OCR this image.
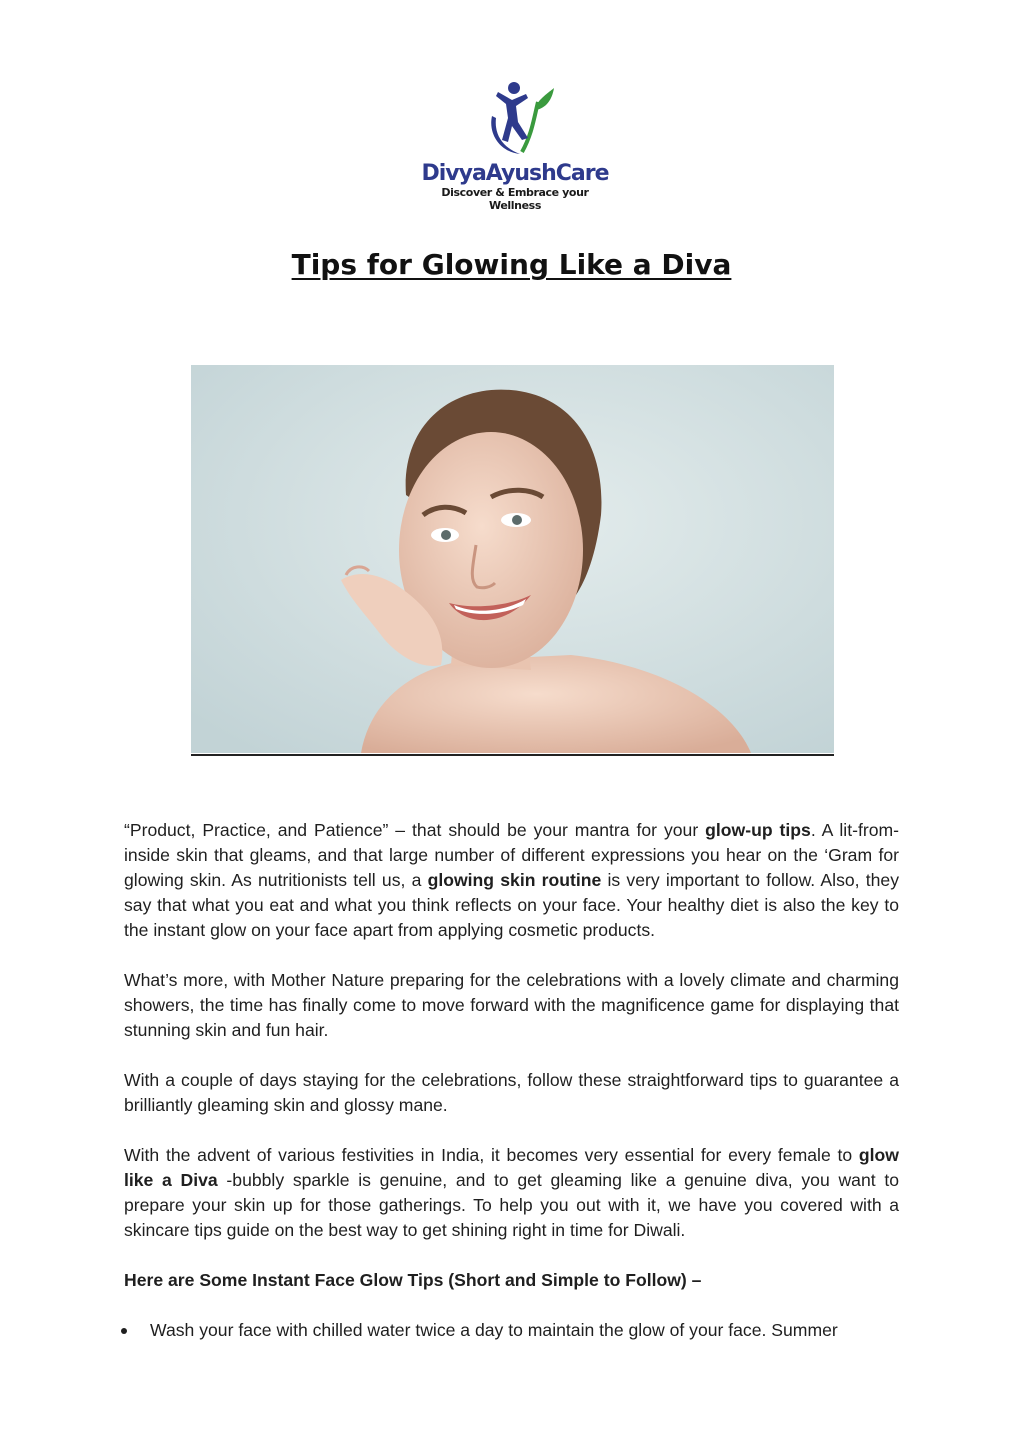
DivyaAyushCare
Discover & Embrace your Wellness
Tips for Glowing Like a Diva

“Product, Practice, and Patience” – that should be your mantra for your glow-up tips. A lit-from-inside skin that gleams, and that large number of different expressions you hear on the ‘Gram for glowing skin. As nutritionists tell us, a glowing skin routine is very important to follow. Also, they say that what you eat and what you think reflects on your face. Your healthy diet is also the key to the instant glow on your face apart from applying cosmetic products.

What’s more, with Mother Nature preparing for the celebrations with a lovely climate and charming showers, the time has finally come to move forward with the magnificence game for displaying that stunning skin and fun hair.

With a couple of days staying for the celebrations, follow these straightforward tips to guarantee a brilliantly gleaming skin and glossy mane.

With the advent of various festivities in India, it becomes very essential for every female to glow like a Diva -bubbly sparkle is genuine, and to get gleaming like a genuine diva, you want to prepare your skin up for those gatherings. To help you out with it, we have you covered with a skincare tips guide on the best way to get shining right in time for Diwali.

Here are Some Instant Face Glow Tips (Short and Simple to Follow) –

Wash your face with chilled water twice a day to maintain the glow of your face. Summer
